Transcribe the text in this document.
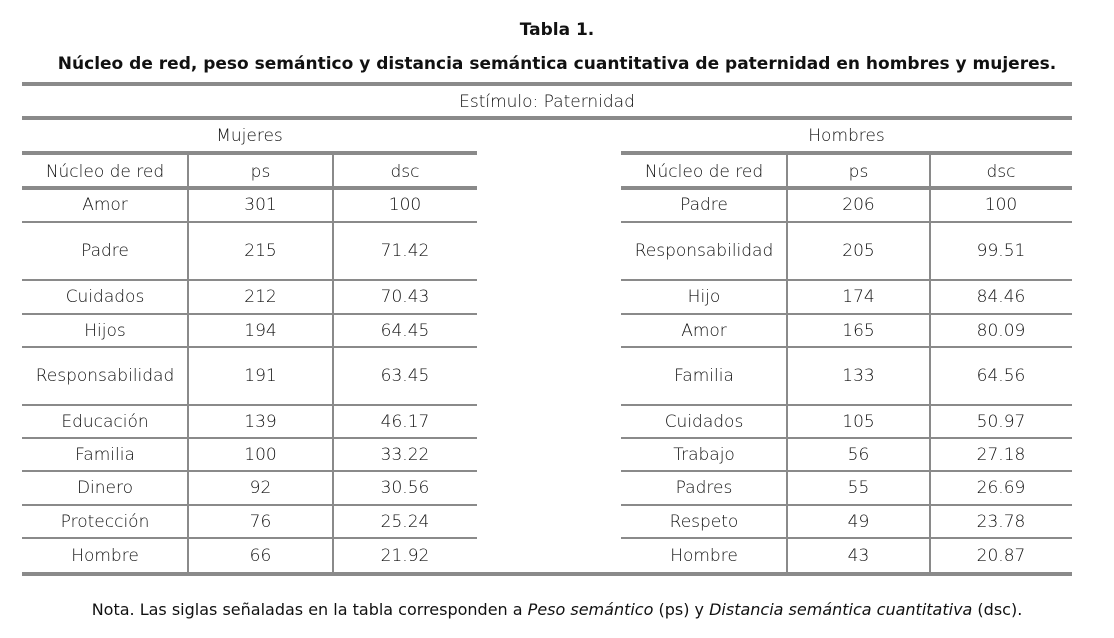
Tabla 1.
Núcleo de red, peso semántico y distancia semántica cuantitativa de paternidad en hombres y mujeres.
Estímulo: Paternidad
Mujeres
Núcleo de red	ps	dsc
Amor	301	100
Padre	215	71.42
Cuidados	212	70.43
Hijos	194	64.45
Responsabilidad	191	63.45
Educación	139	46.17
Familia	100	33.22
Dinero	92	30.56
Protección	76	25.24
Hombre	66	21.92
Hombres
Núcleo de red	ps	dsc
Padre	206	100
Responsabilidad	205	99.51
Hijo	174	84.46
Amor	165	80.09
Familia	133	64.56
Cuidados	105	50.97
Trabajo	56	27.18
Padres	55	26.69
Respeto	49	23.78
Hombre	43	20.87
Nota. Las siglas señaladas en la tabla corresponden a Peso semántico (ps) y Distancia semántica cuantitativa (dsc).
